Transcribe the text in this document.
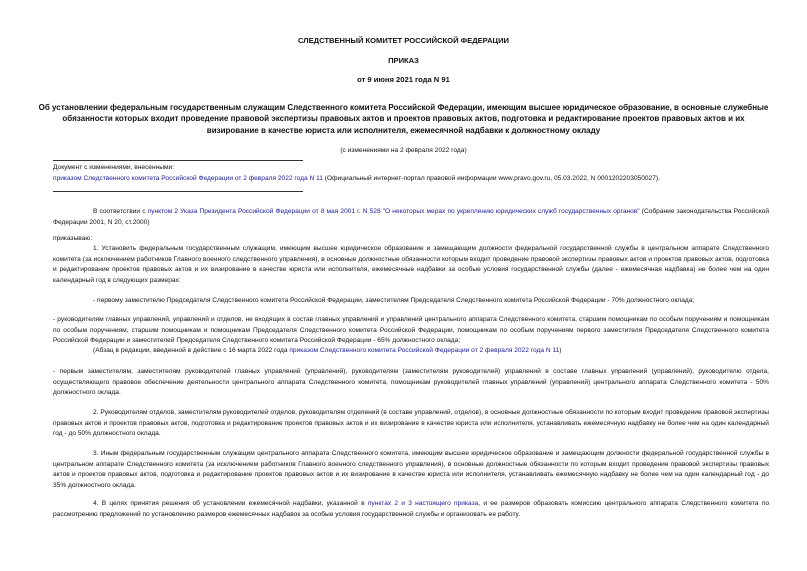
СЛЕДСТВЕННЫЙ КОМИТЕТ РОССИЙСКОЙ ФЕДЕРАЦИИ
ПРИКАЗ
от 9 июня 2021 года N 91
Об установлении федеральным государственным служащим Следственного комитета Российской Федерации, имеющим высшее юридическое образование, в основные служебные обязанности которых входит проведение правовой экспертизы правовых актов и проектов правовых актов, подготовка и редактирование проектов правовых актов и их визирование в качестве юриста или исполнителя, ежемесячной надбавки к должностному окладу
(с изменениями на 2 февраля 2022 года)
Документ с изменениями, внесенными:
приказом Следственного комитета Российской Федерации от 2 февраля 2022 года N 11 (Официальный интернет-портал правовой информации www.pravo.gov.ru, 05.03.2022, N 0001202203050027).
В соответствии с пунктом 2 Указа Президента Российской Федерации от 8 мая 2001 г. N 528 "О некоторых мерах по укреплению юридических служб государственных органов" (Собрание законодательства Российской Федерации 2001, N 20, ст.2000)
приказываю:
1. Установить федеральным государственным служащим, имеющим высшее юридическое образование и замещающим должности федеральной государственной службы в центральном аппарате Следственного комитета (за исключением работников Главного военного следственного управления), в основные должностные обязанности которым входит проведение правовой экспертизы правовых актов и проектов правовых актов, подготовка и редактирование проектов правовых актов и их визирование в качестве юриста или исполнителя, ежемесячные надбавки за особые условия государственной службы (далее - ежемесячная надбавка) не более чем на один календарный год в следующих размерах:
- первому заместителю Председателя Следственного комитета Российской Федерации, заместителям Председателя Следственного комитета Российской Федерации - 70% должностного оклада;
- руководителям главных управлений, управлений и отделов, не входящих в состав главных управлений и управлений центрального аппарата Следственного комитета, старшим помощникам по особым поручениям и помощникам по особым поручениям, старшим помощникам и помощникам Председателя Следственного комитета Российской Федерации, помощникам по особым поручениям первого заместителя Председателя Следственного комитета Российской Федерации и заместителей Председателя Следственного комитета Российской Федерации - 65% должностного оклада;
(Абзац в редакции, введенной в действие с 16 марта 2022 года приказом Следственного комитета Российской Федерации от 2 февраля 2022 года N 11)
- первым заместителям, заместителям руководителей главных управлений (управлений), руководителям (заместителям руководителей) управлений в составе главных управлений (управлений), руководителю отдела, осуществляющего правовое обеспечение деятельности центрального аппарата Следственного комитета, помощникам руководителей главных управлений (управлений) центрального аппарата Следственного комитета - 50% должностного оклада.
2. Руководителям отделов, заместителям руководителей отделов, руководителям отделений (в составе управлений, отделов), в основные должностные обязанности по которым входит проведение правовой экспертизы правовых актов и проектов правовых актов, подготовка и редактирование проектов правовых актов и их визирование в качестве юриста или исполнителя, устанавливать ежемесячную надбавку не более чем на один календарный год - до 50% должностного оклада.
3. Иным федеральным государственным служащим центрального аппарата Следственного комитета, имеющим высшее юридическое образование и замещающим должности федеральной государственной службы в центральном аппарате Следственного комитета (за исключением работников Главного военного следственного управления), в основные должностные обязанности по которым входит проведение правовой экспертизы правовых актов и проектов правовых актов, подготовка и редактирование проектов правовых актов и их визирование в качестве юриста или исполнителя, устанавливать ежемесячную надбавку не более чем на один календарный год - до 35% должностного оклада.
4. В целях принятия решения об установлении ежемесячной надбавки, указанной в пунктах 2 и 3 настоящего приказа, и ее размеров образовать комиссию центрального аппарата Следственного комитета по рассмотрению предложений по установлению размеров ежемесячных надбавок за особые условия государственной службы и организовать ее работу.
